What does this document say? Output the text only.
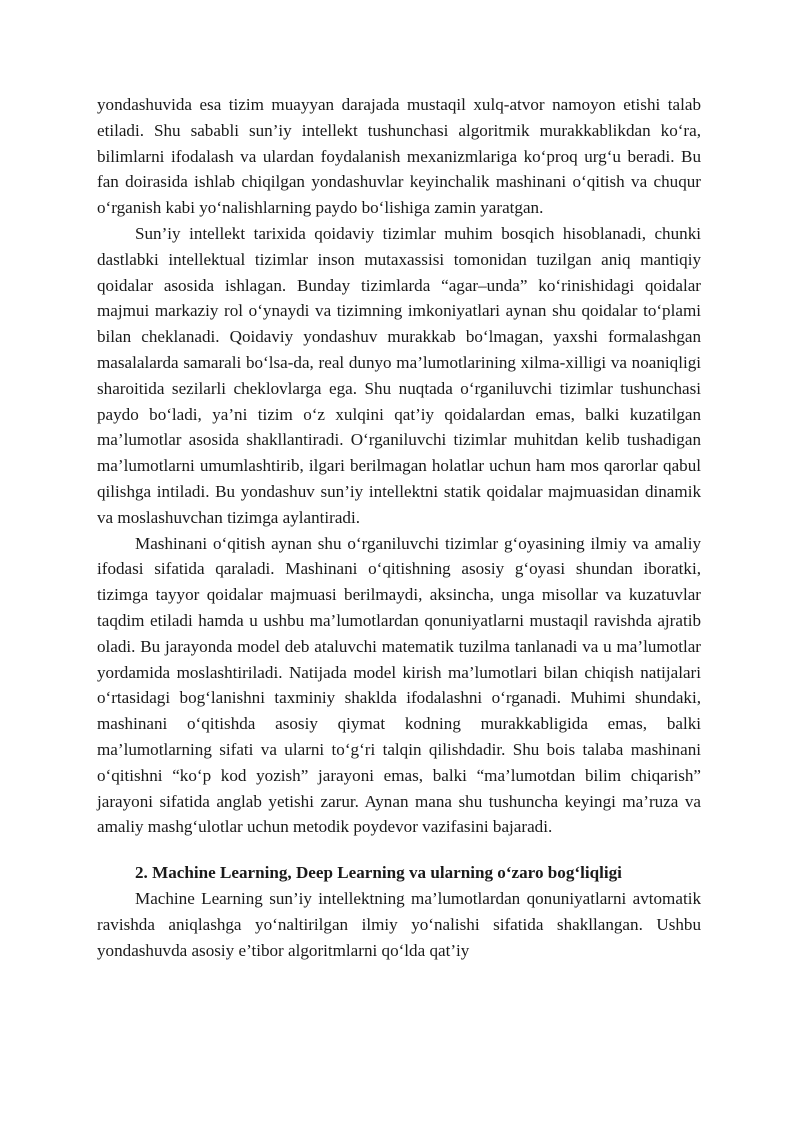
yondashuvida esa tizim muayyan darajada mustaqil xulq-atvor namoyon etishi talab etiladi. Shu sababli sun’iy intellekt tushunchasi algoritmik murakkablikdan ko‘ra, bilimlarni ifodalash va ulardan foydalanish mexanizmlariga ko‘proq urg‘u beradi. Bu fan doirasida ishlab chiqilgan yondashuvlar keyinchalik mashinani o‘qitish va chuqur o‘rganish kabi yo‘nalishlarning paydo bo‘lishiga zamin yaratgan.

Sun’iy intellekt tarixida qoidaviy tizimlar muhim bosqich hisoblanadi, chunki dastlabki intellektual tizimlar inson mutaxassisi tomonidan tuzilgan aniq mantiqiy qoidalar asosida ishlagan. Bunday tizimlarda “agar–unda” ko‘rinishidagi qoidalar majmui markaziy rol o‘ynaydi va tizimning imkoniyatlari aynan shu qoidalar to‘plami bilan cheklanadi. Qoidaviy yondashuv murakkab bo‘lmagan, yaxshi formalashgan masalalarda samarali bo‘lsa-da, real dunyo ma’lumotlarining xilma-xilligi va noaniqligi sharoitida sezilarli cheklovlarga ega. Shu nuqtada o‘rganiluvchi tizimlar tushunchasi paydo bo‘ladi, ya’ni tizim o‘z xulqini qat’iy qoidalardan emas, balki kuzatilgan ma’lumotlar asosida shakllantiradi. O‘rganiluvchi tizimlar muhitdan kelib tushadigan ma’lumotlarni umumlashtirib, ilgari berilmagan holatlar uchun ham mos qarorlar qabul qilishga intiladi. Bu yondashuv sun’iy intellektni statik qoidalar majmuasidan dinamik va moslashuvchan tizimga aylantiradi.

Mashinani o‘qitish aynan shu o‘rganiluvchi tizimlar g‘oyasining ilmiy va amaliy ifodasi sifatida qaraladi. Mashinani o‘qitishning asosiy g‘oyasi shundan iboratki, tizimga tayyor qoidalar majmuasi berilmaydi, aksincha, unga misollar va kuzatuvlar taqdim etiladi hamda u ushbu ma’lumotlardan qonuniyatlarni mustaqil ravishda ajratib oladi. Bu jarayonda model deb ataluvchi matematik tuzilma tanlanadi va u ma’lumotlar yordamida moslashtiriladi. Natijada model kirish ma’lumotlari bilan chiqish natijalari o‘rtasidagi bog‘lanishni taxminiy shaklda ifodalashni o‘rganadi. Muhimi shundaki, mashinani o‘qitishda asosiy qiymat kodning murakkabligida emas, balki ma’lumotlarning sifati va ularni to‘g‘ri talqin qilishdadir. Shu bois talaba mashinani o‘qitishni “ko‘p kod yozish” jarayoni emas, balki “ma’lumotdan bilim chiqarish” jarayoni sifatida anglab yetishi zarur. Aynan mana shu tushuncha keyingi ma’ruza va amaliy mashg‘ulotlar uchun metodik poydevor vazifasini bajaradi.

2. Machine Learning, Deep Learning va ularning o‘zaro bog‘liqligi

Machine Learning sun’iy intellektning ma’lumotlardan qonuniyatlarni avtomatik ravishda aniqlashga yo‘naltirilgan ilmiy yo‘nalishi sifatida shakllangan. Ushbu yondashuvda asosiy e’tibor algoritmlarni qo‘lda qat’iy
